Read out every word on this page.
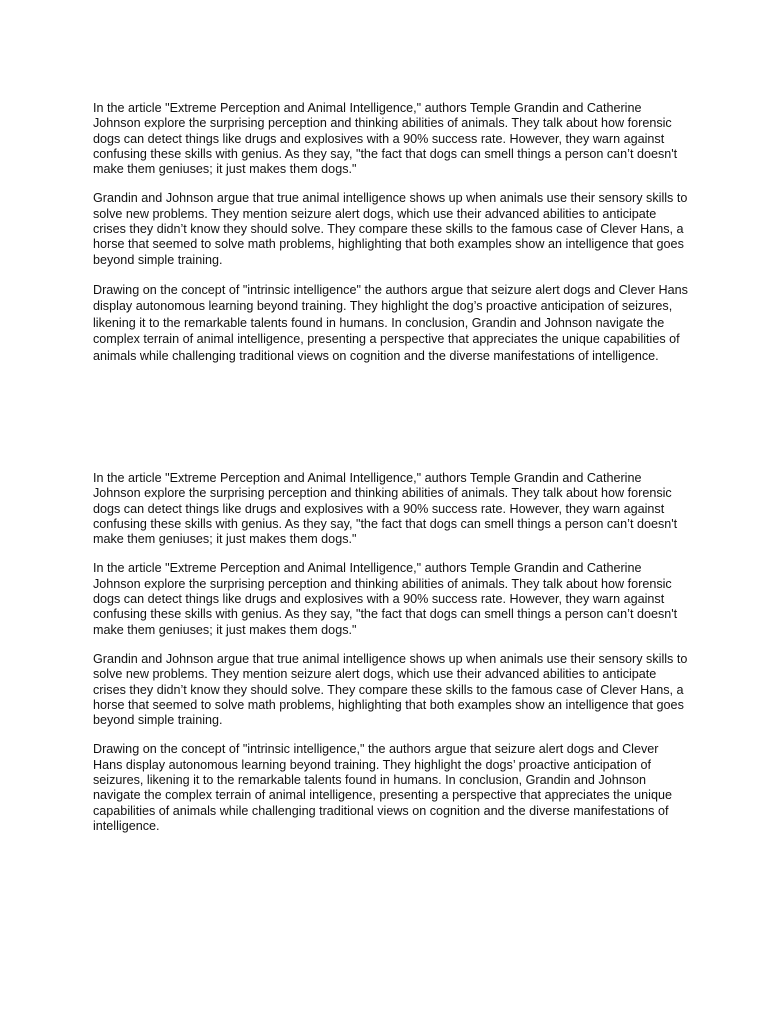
In the article "Extreme Perception and Animal Intelligence," authors Temple Grandin and Catherine Johnson explore the surprising perception and thinking abilities of animals. They talk about how forensic dogs can detect things like drugs and explosives with a 90% success rate. However, they warn against confusing these skills with genius. As they say, "the fact that dogs can smell things a person can’t doesn't make them geniuses; it just makes them dogs."

Grandin and Johnson argue that true animal intelligence shows up when animals use their sensory skills to solve new problems. They mention seizure alert dogs, which use their advanced abilities to anticipate crises they didn’t know they should solve. They compare these skills to the famous case of Clever Hans, a horse that seemed to solve math problems, highlighting that both examples show an intelligence that goes beyond simple training.

Drawing on the concept of "intrinsic intelligence" the authors argue that seizure alert dogs and Clever Hans display autonomous learning beyond training. They highlight the dog’s proactive anticipation of seizures, likening it to the remarkable talents found in humans. In conclusion, Grandin and Johnson navigate the complex terrain of animal intelligence, presenting a perspective that appreciates the unique capabilities of animals while challenging traditional views on cognition and the diverse manifestations of intelligence.

In the article "Extreme Perception and Animal Intelligence," authors Temple Grandin and Catherine Johnson explore the surprising perception and thinking abilities of animals. They talk about how forensic dogs can detect things like drugs and explosives with a 90% success rate. However, they warn against confusing these skills with genius. As they say, "the fact that dogs can smell things a person can’t doesn't make them geniuses; it just makes them dogs."

In the article "Extreme Perception and Animal Intelligence," authors Temple Grandin and Catherine Johnson explore the surprising perception and thinking abilities of animals. They talk about how forensic dogs can detect things like drugs and explosives with a 90% success rate. However, they warn against confusing these skills with genius. As they say, "the fact that dogs can smell things a person can’t doesn't make them geniuses; it just makes them dogs."

Grandin and Johnson argue that true animal intelligence shows up when animals use their sensory skills to solve new problems. They mention seizure alert dogs, which use their advanced abilities to anticipate crises they didn’t know they should solve. They compare these skills to the famous case of Clever Hans, a horse that seemed to solve math problems, highlighting that both examples show an intelligence that goes beyond simple training.

Drawing on the concept of "intrinsic intelligence," the authors argue that seizure alert dogs and Clever Hans display autonomous learning beyond training. They highlight the dogs’ proactive anticipation of seizures, likening it to the remarkable talents found in humans. In conclusion, Grandin and Johnson navigate the complex terrain of animal intelligence, presenting a perspective that appreciates the unique capabilities of animals while challenging traditional views on cognition and the diverse manifestations of intelligence.
